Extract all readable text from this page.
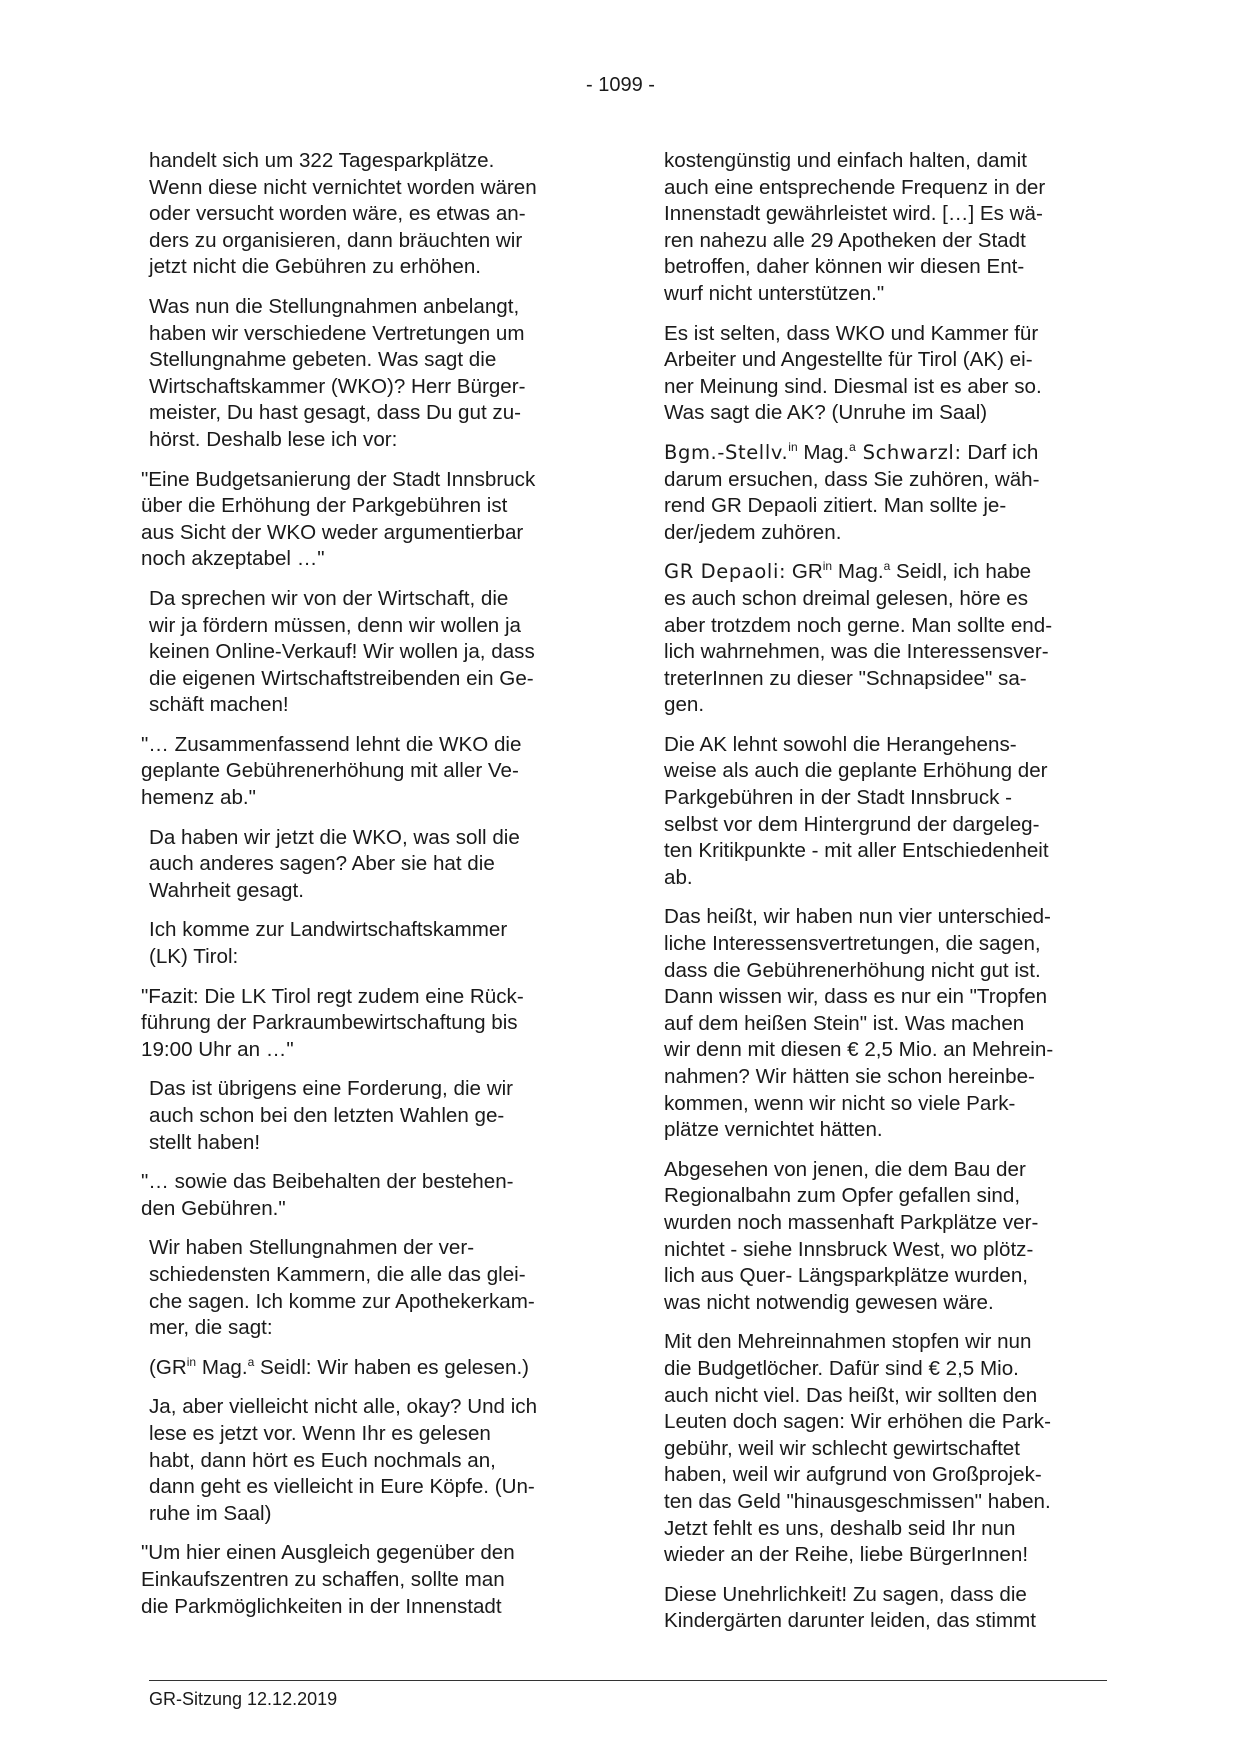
- 1099 -

handelt sich um 322 Tagesparkplätze.
Wenn diese nicht vernichtet worden wären
oder versucht worden wäre, es etwas an-
ders zu organisieren, dann bräuchten wir
jetzt nicht die Gebühren zu erhöhen.

Was nun die Stellungnahmen anbelangt,
haben wir verschiedene Vertretungen um
Stellungnahme gebeten. Was sagt die
Wirtschaftskammer (WKO)? Herr Bürger-
meister, Du hast gesagt, dass Du gut zu-
hörst. Deshalb lese ich vor:

"Eine Budgetsanierung der Stadt Innsbruck
über die Erhöhung der Parkgebühren ist
aus Sicht der WKO weder argumentierbar
noch akzeptabel …"

Da sprechen wir von der Wirtschaft, die
wir ja fördern müssen, denn wir wollen ja
keinen Online-Verkauf! Wir wollen ja, dass
die eigenen Wirtschaftstreibenden ein Ge-
schäft machen!

"… Zusammenfassend lehnt die WKO die
geplante Gebührenerhöhung mit aller Ve-
hemenz ab."

Da haben wir jetzt die WKO, was soll die
auch anderes sagen? Aber sie hat die
Wahrheit gesagt.

Ich komme zur Landwirtschaftskammer
(LK) Tirol:

"Fazit: Die LK Tirol regt zudem eine Rück-
führung der Parkraumbewirtschaftung bis
19:00 Uhr an …"

Das ist übrigens eine Forderung, die wir
auch schon bei den letzten Wahlen ge-
stellt haben!

"… sowie das Beibehalten der bestehen-
den Gebühren."

Wir haben Stellungnahmen der ver-
schiedensten Kammern, die alle das glei-
che sagen. Ich komme zur Apothekerkam-
mer, die sagt:

($GR^{in}$ Mag.$^a$ Seidl: Wir haben es gelesen.)

Ja, aber vielleicht nicht alle, okay? Und ich
lese es jetzt vor. Wenn Ihr es gelesen
habt, dann hört es Euch nochmals an,
dann geht es vielleicht in Eure Köpfe. (Un-
ruhe im Saal)

"Um hier einen Ausgleich gegenüber den
Einkaufszentren zu schaffen, sollte man
die Parkmöglichkeiten in der Innenstadt

kostengünstig und einfach halten, damit
auch eine entsprechende Frequenz in der
Innenstadt gewährleistet wird. […] Es wä-
ren nahezu alle 29 Apotheken der Stadt
betroffen, daher können wir diesen Ent-
wurf nicht unterstützen."

Es ist selten, dass WKO und Kammer für
Arbeiter und Angestellte für Tirol (AK) ei-
ner Meinung sind. Diesmal ist es aber so.
Was sagt die AK? (Unruhe im Saal)

Bgm.-Stellv.$^{in}$ Mag.$^a$ Schwarzl: Darf ich
darum ersuchen, dass Sie zuhören, wäh-
rend GR Depaoli zitiert. Man sollte je-
der/jedem zuhören.

GR Depaoli: $GR^{in}$ Mag.$^a$ Seidl, ich habe
es auch schon dreimal gelesen, höre es
aber trotzdem noch gerne. Man sollte end-
lich wahrnehmen, was die Interessensver-
treterInnen zu dieser "Schnapsidee" sa-
gen.

Die AK lehnt sowohl die Herangehens-
weise als auch die geplante Erhöhung der
Parkgebühren in der Stadt Innsbruck -
selbst vor dem Hintergrund der dargeleg-
ten Kritikpunkte - mit aller Entschiedenheit
ab.

Das heißt, wir haben nun vier unterschied-
liche Interessensvertretungen, die sagen,
dass die Gebührenerhöhung nicht gut ist.
Dann wissen wir, dass es nur ein "Tropfen
auf dem heißen Stein" ist. Was machen
wir denn mit diesen € 2,5 Mio. an Mehrein-
nahmen? Wir hätten sie schon hereinbe-
kommen, wenn wir nicht so viele Park-
plätze vernichtet hätten.

Abgesehen von jenen, die dem Bau der
Regionalbahn zum Opfer gefallen sind,
wurden noch massenhaft Parkplätze ver-
nichtet - siehe Innsbruck West, wo plötz-
lich aus Quer- Längsparkplätze wurden,
was nicht notwendig gewesen wäre.

Mit den Mehreinnahmen stopfen wir nun
die Budgetlöcher. Dafür sind € 2,5 Mio.
auch nicht viel. Das heißt, wir sollten den
Leuten doch sagen: Wir erhöhen die Park-
gebühr, weil wir schlecht gewirtschaftet
haben, weil wir aufgrund von Großprojek-
ten das Geld "hinausgeschmissen" haben.
Jetzt fehlt es uns, deshalb seid Ihr nun
wieder an der Reihe, liebe BürgerInnen!

Diese Unehrlichkeit! Zu sagen, dass die
Kindergärten darunter leiden, das stimmt

GR-Sitzung 12.12.2019
